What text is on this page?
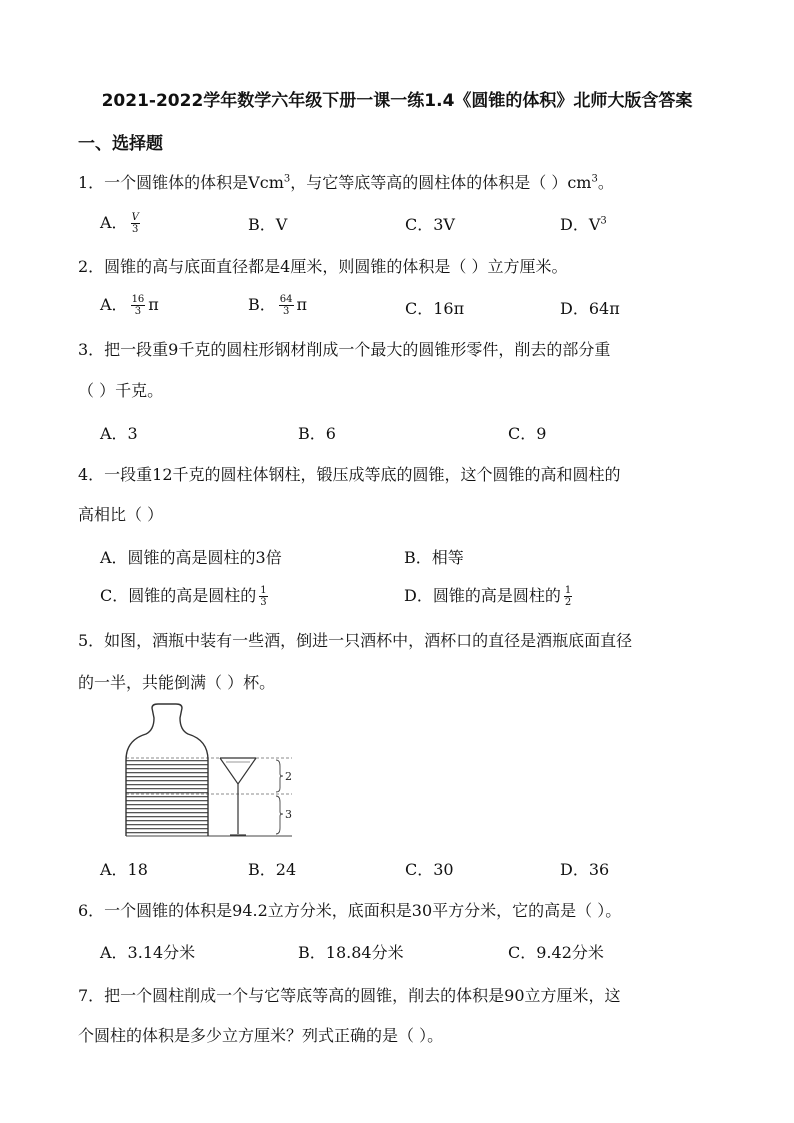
2021-2022学年数学六年级下册一课一练1.4《圆锥的体积》北师大版含答案
一、选择题
1．一个圆锥体的体积是Vcm$^3$，与它等底等高的圆柱体的体积是（ ）$cm^3$。
A． $\frac{V}{3}$	B．V	C．3V	D．$V^3$
2．圆锥的高与底面直径都是4厘米，则圆锥的体积是（ ）立方厘米。
A． $\frac{16}{3}$ π	B． $\frac{64}{3}$ π	C．16π	D．64π
3．把一段重9千克的圆柱形钢材削成一个最大的圆锥形零件，削去的部分重
（ ）千克。
A．3	B．6	C．9
4．一段重12千克的圆柱体钢柱，锻压成等底的圆锥，这个圆锥的高和圆柱的
高相比（ ）
A．圆锥的高是圆柱的3倍	B．相等
C．圆锥的高是圆柱的 $\frac{1}{3}$	D．圆锥的高是圆柱的 $\frac{1}{2}$
5．如图，酒瓶中装有一些酒，倒进一只酒杯中，酒杯口的直径是酒瓶底面直径
的一半，共能倒满（ ）杯。
2
3
A．18	B．24	C．30	D．36
6．一个圆锥的体积是94.2立方分米，底面积是30平方分米，它的高是（ ）。
A．3.14分米	B．18.84分米	C．9.42分米
7．把一个圆柱削成一个与它等底等高的圆锥，削去的体积是90立方厘米，这
个圆柱的体积是多少立方厘米？列式正确的是（ ）。
